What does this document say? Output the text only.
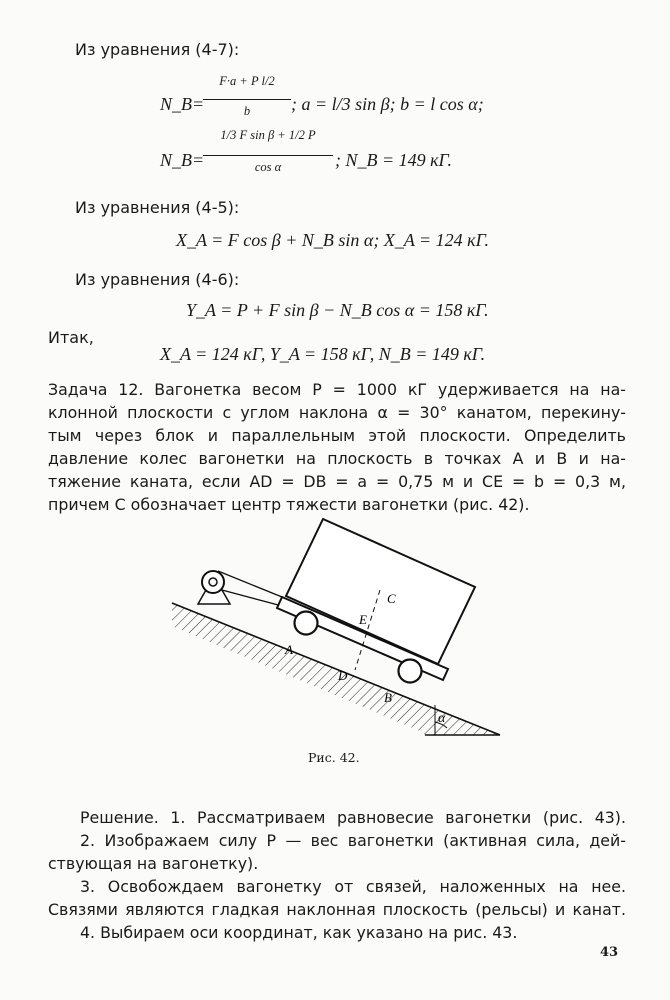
Из уравнения (4-7):
N_B=
F·a + P l/2
b	; a = l/3 sin β; b = l cos α;
N_B=
1/3 F sin β + 1/2 P
cos α	; N_B = 149 кГ.
Из уравнения (4-5):
X_A = F cos β + N_B sin α; X_A = 124 кГ.
Из уравнения (4-6):
Y_A = P + F sin β − N_B cos α = 158 кГ.
Итак,
X_A = 124 кГ, Y_A = 158 кГ, N_B = 149 кГ.
Задача 12. Вагонетка весом P = 1000 кГ удерживается на на-
клонной плоскости с углом наклона α = 30° канатом, перекину-
тым через блок и параллельным этой плоскости. Определить
давление колес вагонетки на плоскость в точках A и B и на-
тяжение каната, если AD = DB = a = 0,75 м и CE = b = 0,3 м,
причем C обозначает центр тяжести вагонетки (рис. 42).
C
E
A
D
B
α
Рис. 42.
Решение. 1. Рассматриваем равновесие вагонетки (рис. 43).
2. Изображаем силу P — вес вагонетки (активная сила, дей-
ствующая на вагонетку).
3. Освобождаем вагонетку от связей, наложенных на нее.
Связями являются гладкая наклонная плоскость (рельсы) и канат.
4. Выбираем оси координат, как указано на рис. 43.
43
